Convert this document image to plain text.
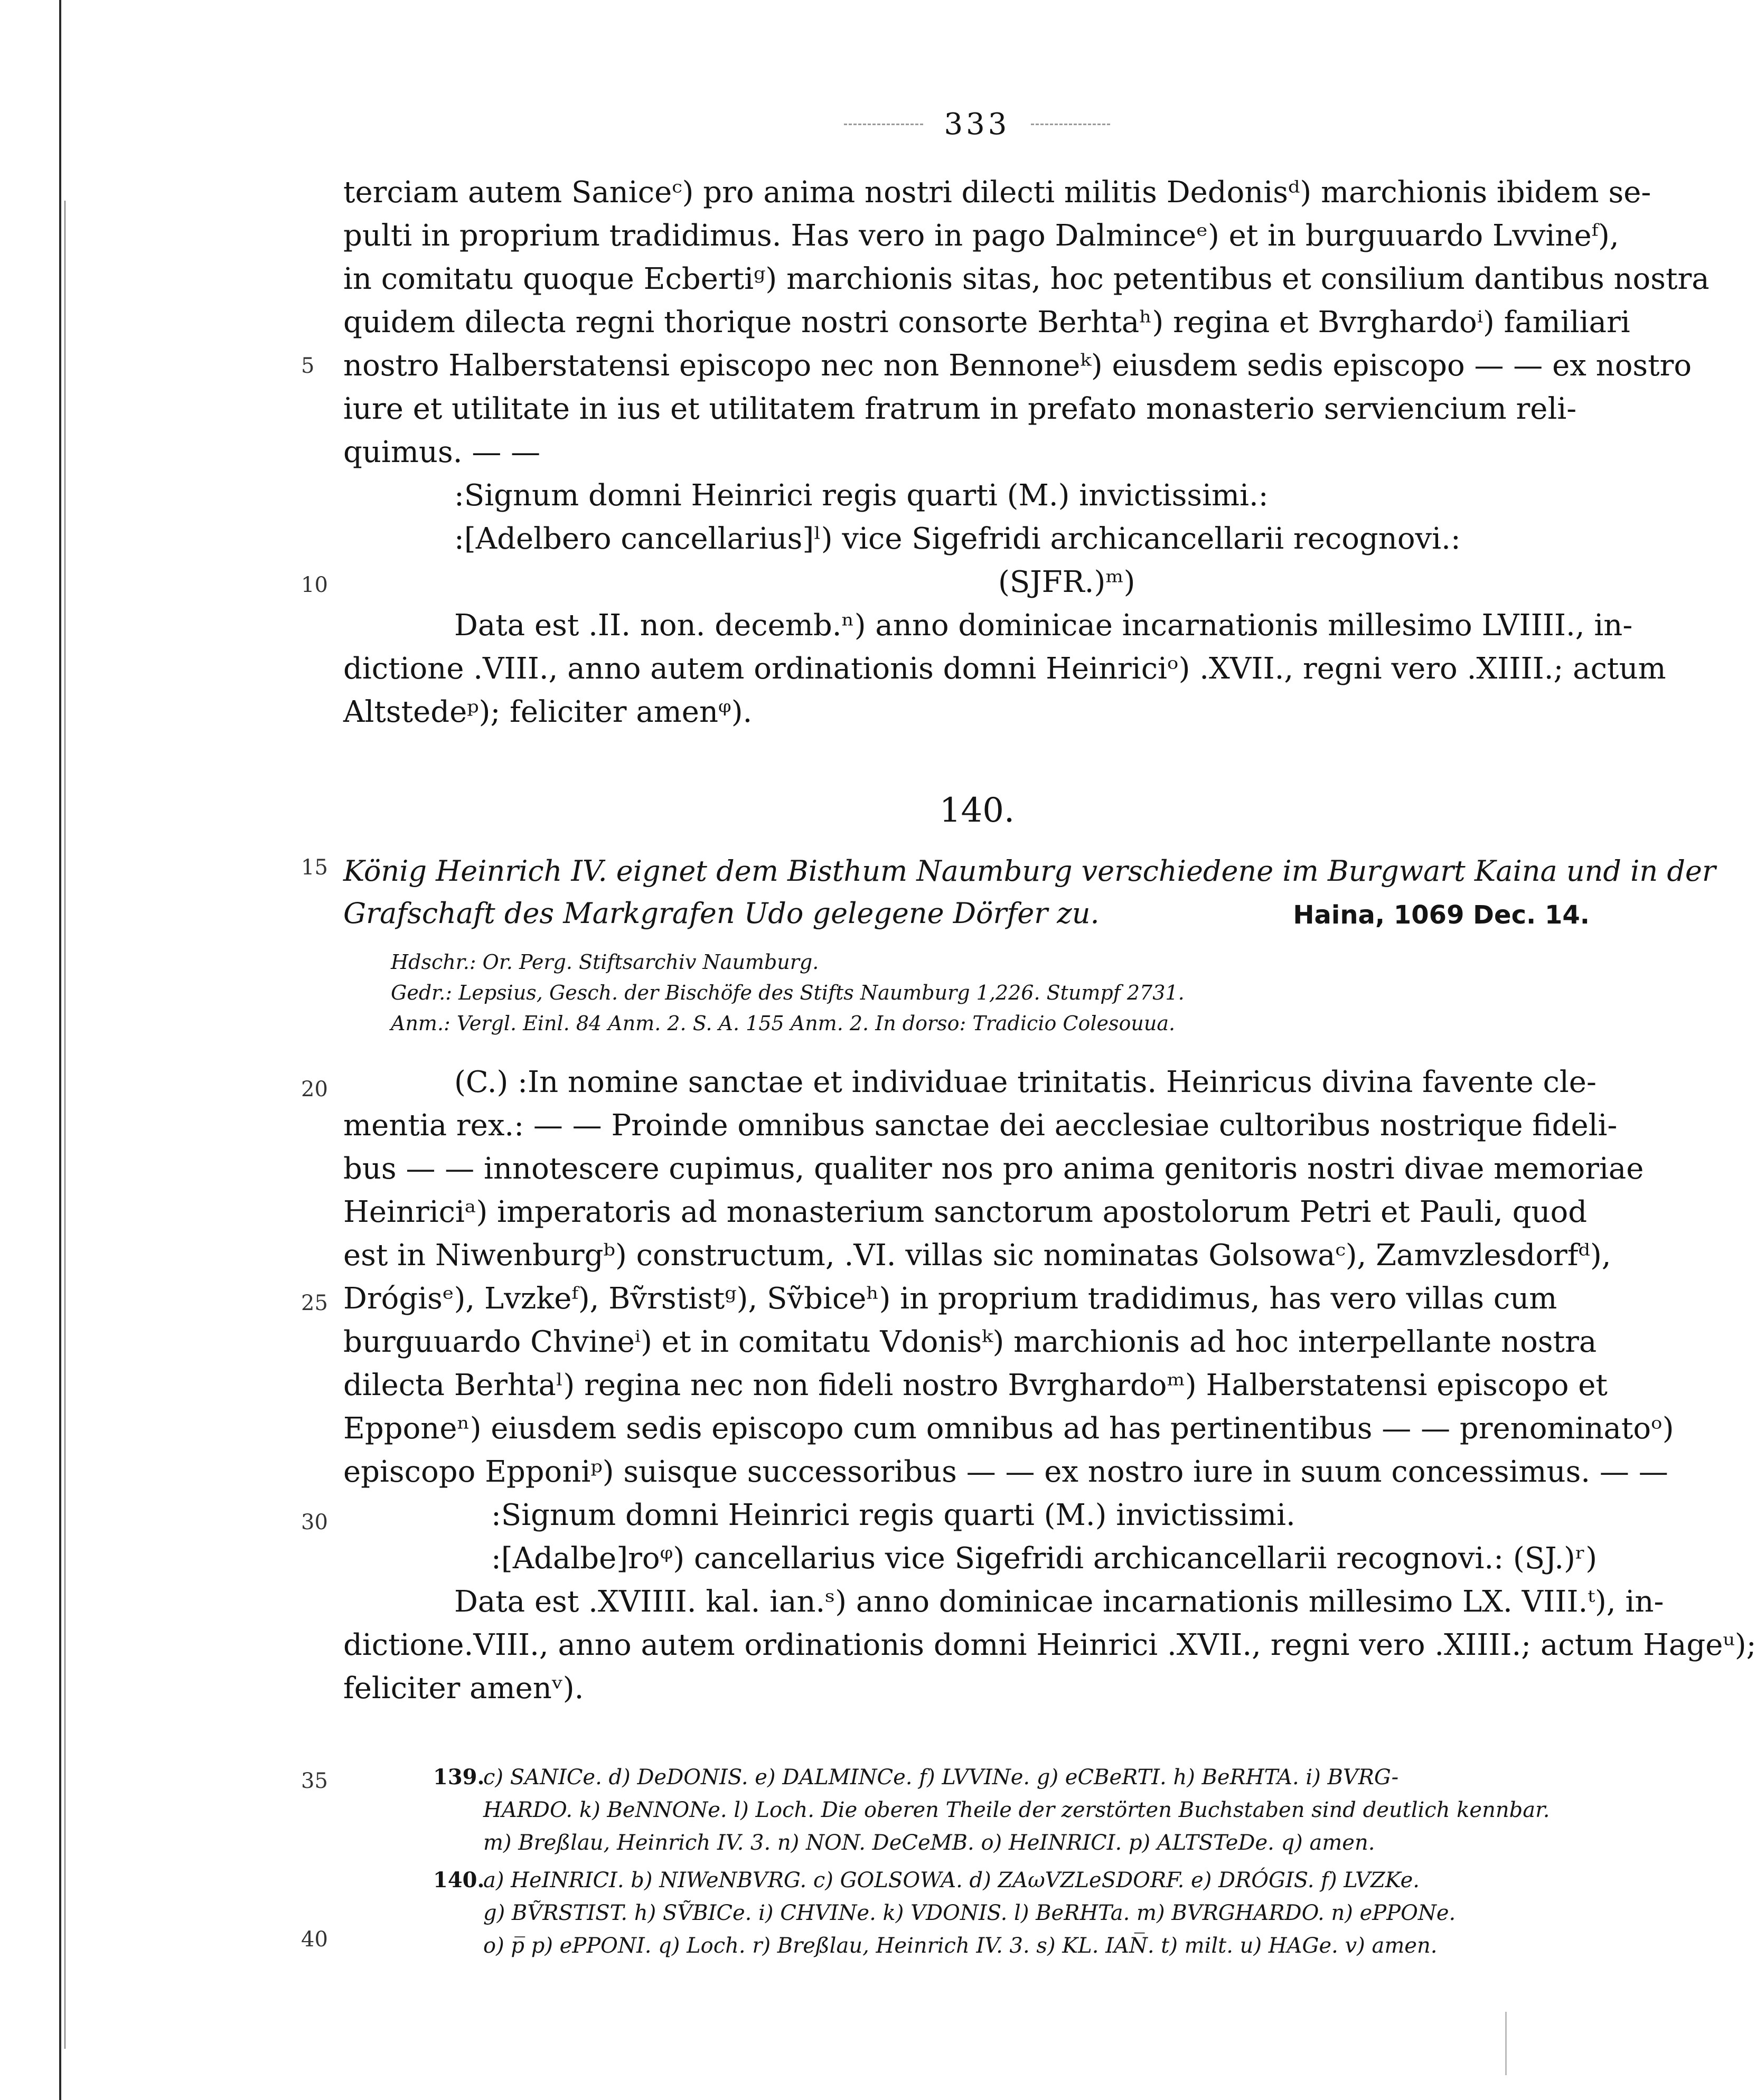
333
5
10
15
20
25
30
35
40
terciam autem Saniceᶜ) pro anima nostri dilecti militis Dedonisᵈ) marchionis ibidem se-
pulti in proprium tradidimus. Has vero in pago Dalminceᵉ) et in burguuardo Lvvineᶠ),
in comitatu quoque Ecbertiᵍ) marchionis sitas, hoc petentibus et consilium dantibus nostra
quidem dilecta regni thorique nostri consorte Berhtaʰ) regina et Bvrghardoⁱ) familiari
nostro Halberstatensi episcopo nec non Bennoneᵏ) eiusdem sedis episcopo — — ex nostro
iure et utilitate in ius et utilitatem fratrum in prefato monasterio serviencium reli-
quimus. — —
:Signum domni Heinrici regis quarti (M.) invictissimi.:
:[Adelbero cancellarius]ˡ) vice Sigefridi archicancellarii recognovi.:
(SJFR.)ᵐ)
Data est .II. non. decemb.ⁿ) anno dominicae incarnationis millesimo LVIIII., in-
dictione .VIII., anno autem ordinationis domni Heinriciᵒ) .XVII., regni vero .XIIII.; actum
Altstedeᵖ); feliciter amenᵠ).
140.
König Heinrich IV. eignet dem Bisthum Naumburg verschiedene im Burgwart Kaina und in der
Grafschaft des Markgrafen Udo gelegene Dörfer zu.	Haina, 1069 Dec. 14.
Hdschr.: Or. Perg. Stiftsarchiv Naumburg.
Gedr.: Lepsius, Gesch. der Bischöfe des Stifts Naumburg 1,226. Stumpf 2731.
Anm.: Vergl. Einl. 84 Anm. 2. S. A. 155 Anm. 2. In dorso: Tradicio Colesouua.
(C.) :In nomine sanctae et individuae trinitatis. Heinricus divina favente cle-
mentia rex.: — — Proinde omnibus sanctae dei aecclesiae cultoribus nostrique fideli-
bus — — innotescere cupimus, qualiter nos pro anima genitoris nostri divae memoriae
Heinriciᵃ) imperatoris ad monasterium sanctorum apostolorum Petri et Pauli, quod
est in Niwenburgᵇ) constructum, .VI. villas sic nominatas Golsowaᶜ), Zamvzlesdorfᵈ),
Drógisᵉ), Lvzkeᶠ), Bṽrstistᵍ), Sṽbiceʰ) in proprium tradidimus, has vero villas cum
burguuardo Chvineⁱ) et in comitatu Vdonisᵏ) marchionis ad hoc interpellante nostra
dilecta Berhtaˡ) regina nec non fideli nostro Bvrghardoᵐ) Halberstatensi episcopo et
Epponeⁿ) eiusdem sedis episcopo cum omnibus ad has pertinentibus — — prenominatoᵒ)
episcopo Epponiᵖ) suisque successoribus — — ex nostro iure in suum concessimus. — —
:Signum domni Heinrici regis quarti (M.) invictissimi.
:[Adalbe]roᵠ) cancellarius vice Sigefridi archicancellarii recognovi.: (SJ.)ʳ)
Data est .XVIIII. kal. ian.ˢ) anno dominicae incarnationis millesimo LX. VIII.ᵗ), in-
dictione.VIII., anno autem ordinationis domni Heinrici .XVII., regni vero .XIIII.; actum Hageᵘ);
feliciter amenᵛ).
139.
c) SANICe. d) DeDONIS. e) DALMINCe. f) LVVINe. g) eCBeRTI. h) BeRHTA. i) BVRG-
HARDO. k) BeNNONe. l) Loch. Die oberen Theile der zerstörten Buchstaben sind deutlich kennbar.
m) Breßlau, Heinrich IV. 3. n) NON. DeCeMB. o) HeINRICI. p) ALTSTeDe. q) amen.
140.
a) HeINRICI. b) NIWeNBVRG. c) GOLSOWA. d) ZAωVZLeSDORF. e) DRÓGIS. f) LVZKe.
g) BṼRSTIST. h) SṼBICe. i) CHVINe. k) VDONIS. l) BeRHTa. m) BVRGHARDO. n) ePPONe.
o) p̅ p) ePPONI. q) Loch. r) Breßlau, Heinrich IV. 3. s) KL. IAN̅. t) milt. u) HAGe. v) amen.
